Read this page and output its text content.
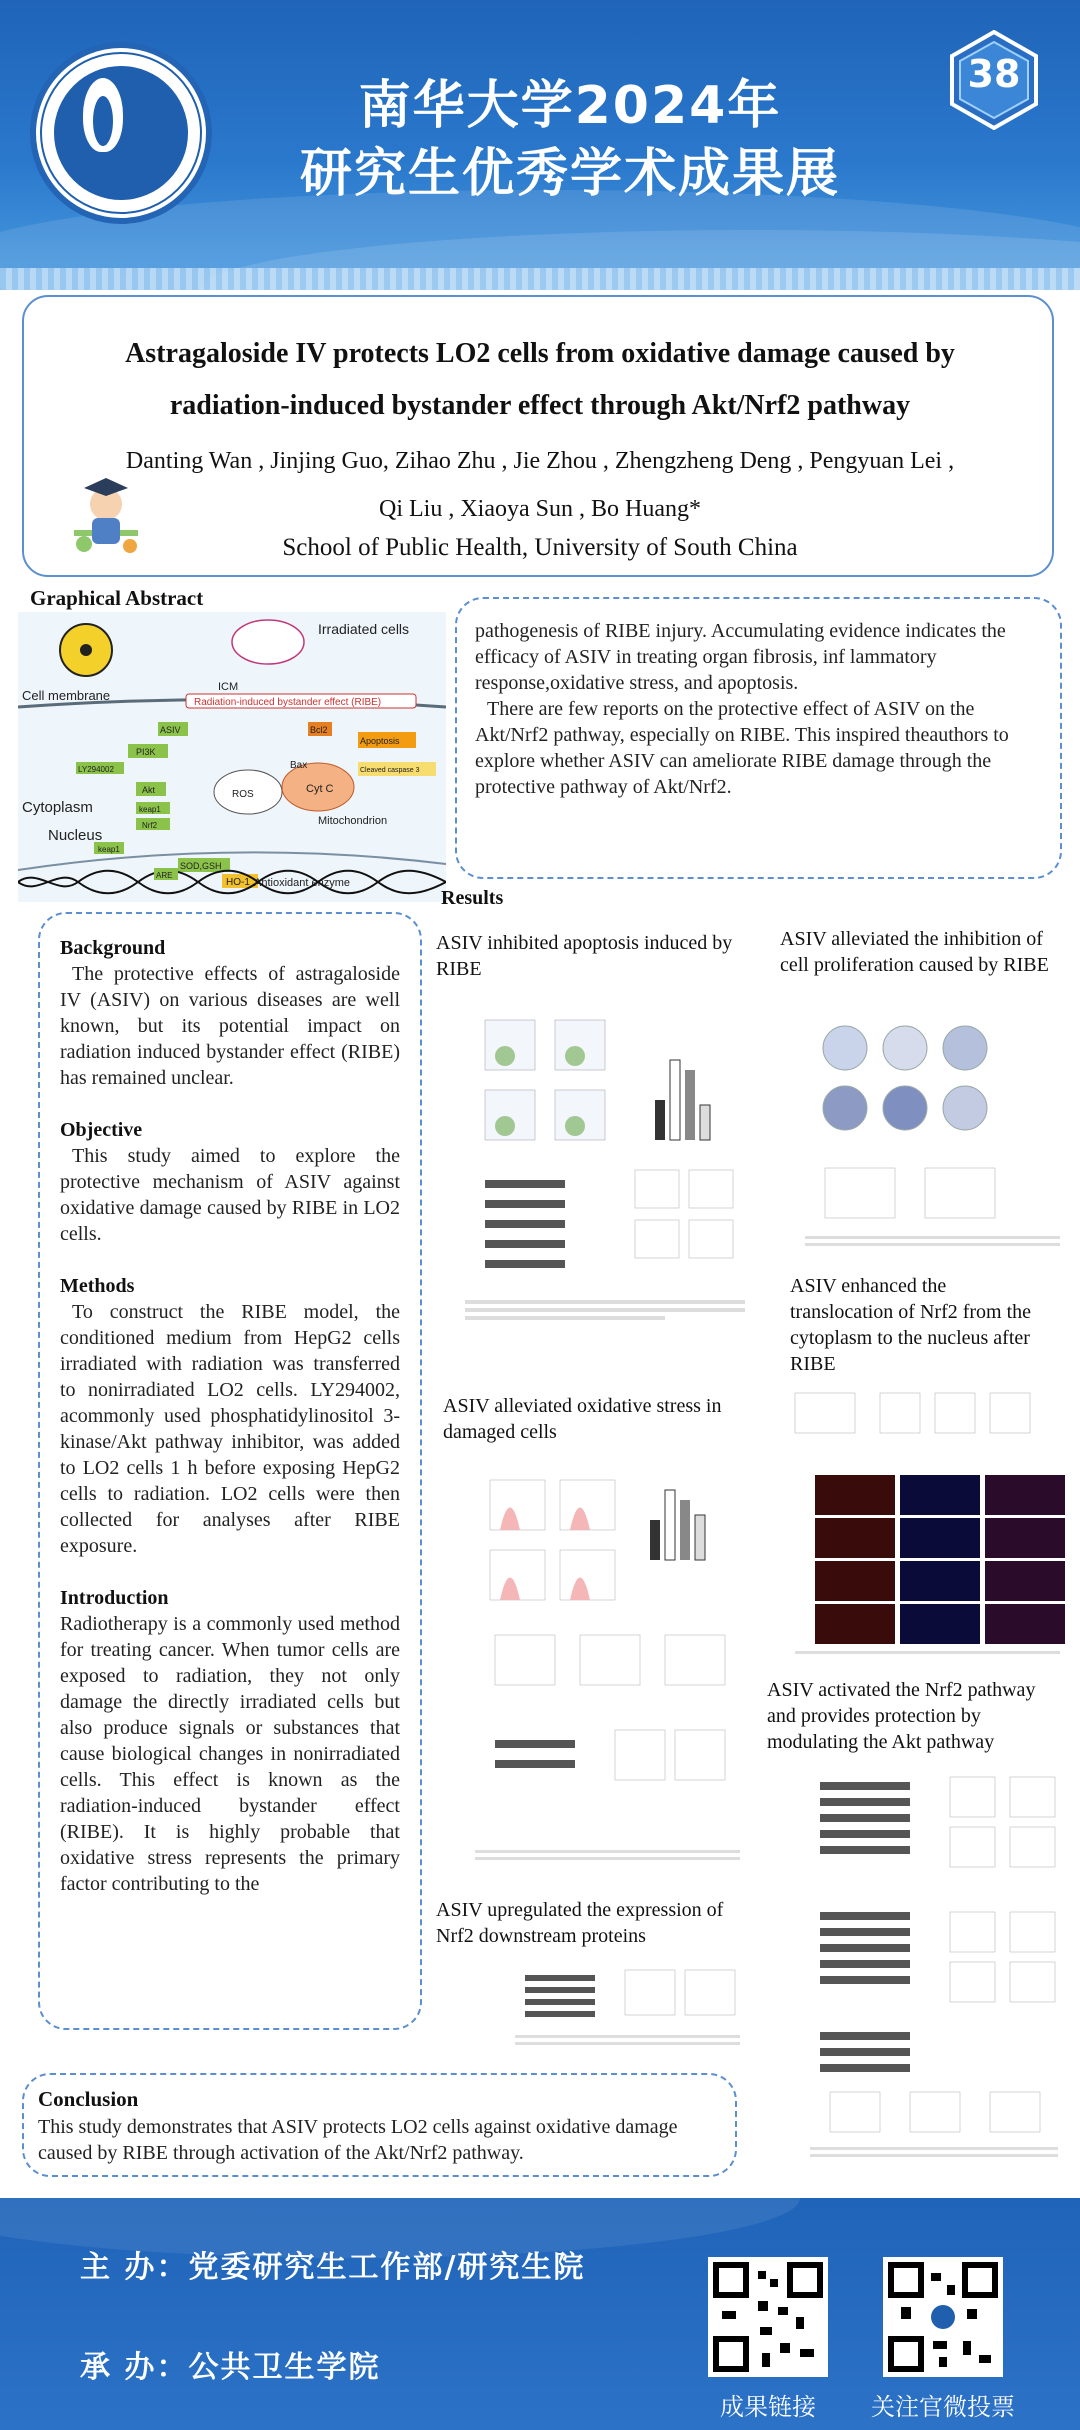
南华大学2024年
研究生优秀学术成果展
38
Astragaloside IV protects LO2 cells from oxidative damage caused by
radiation-induced bystander effect through Akt/Nrf2 pathway
Danting Wan , Jinjing Guo, Zihao Zhu , Jie Zhou , Zhengzheng Deng , Pengyuan Lei ,
Qi Liu , Xiaoya Sun , Bo Huang*
School of Public Health, University of South China
Graphical Abstract
Irradiated cells
ICM
Radiation-induced bystander effect (RIBE)
Cell membrane
ASIV
PI3K
LY294002
Akt
keap1
Nrf2
keap1
ROS
SOD,GSH
HO-1 Antioxidant enzyme
Cyt C
Bax
Bcl2
Apoptosis
Cleaved caspase 3
Mitochondrion
Cytoplasm
Nucleus
ARE

pathogenesis of RIBE injury. Accumulating evidence indicates the efficacy of ASIV in treating organ fibrosis, inf lammatory response,oxidative stress, and apoptosis.

There are few reports on the protective effect of ASIV on the Akt/Nrf2 pathway, especially on RIBE. This inspired theauthors to explore whether ASIV can ameliorate RIBE damage through the protective pathway of Akt/Nrf2.

Results
Background

The protective effects of astragaloside IV (ASIV) on various diseases are well known, but its potential impact on radiation induced bystander effect (RIBE) has remained unclear.

Objective

This study aimed to explore the protective mechanism of ASIV against oxidative damage caused by RIBE in LO2 cells.

Methods

To construct the RIBE model, the conditioned medium from HepG2 cells irradiated with radiation was transferred to nonirradiated LO2 cells. LY294002, acommonly used phosphatidylinositol 3-kinase/Akt pathway inhibitor, was added to LO2 cells 1 h before exposing HepG2 cells to radiation. LO2 cells were then collected for analyses after RIBE exposure.

Introduction

Radiotherapy is a commonly used method for treating cancer. When tumor cells are exposed to radiation, they not only damage the directly irradiated cells but also produce signals or substances that cause biological changes in nonirradiated cells. This effect is known as the radiation-induced bystander effect (RIBE). It is highly probable that oxidative stress represents the primary factor contributing to the

ASIV inhibited apoptosis induced by RIBE
ASIV alleviated the inhibition of cell proliferation caused by RIBE
ASIV enhanced the translocation of Nrf2 from the cytoplasm to the nucleus after RIBE
ASIV alleviated oxidative stress in damaged cells
ASIV activated the Nrf2 pathway and provides protection by modulating the Akt pathway
ASIV upregulated the expression of Nrf2 downstream proteins
Conclusion
This study demonstrates that ASIV protects LO2 cells against oxidative damage caused by RIBE through activation of the Akt/Nrf2 pathway.
主 办：党委研究生工作部/研究生院
承 办：公共卫生学院
成果链接	关注官微投票
